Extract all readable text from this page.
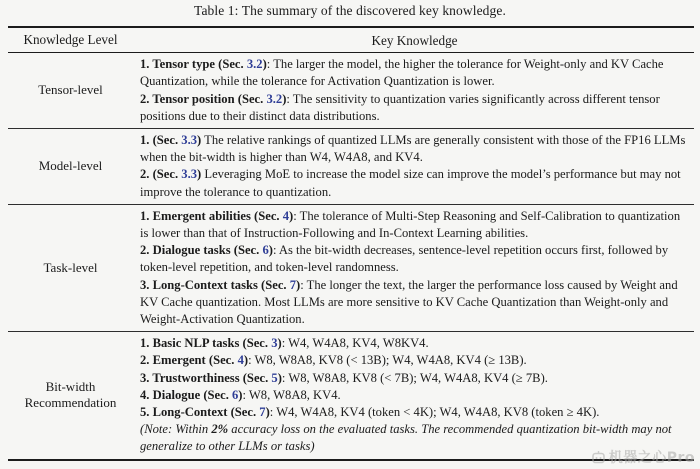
Table 1: The summary of the discovered key knowledge.
Knowledge Level	Key Knowledge
Tensor-level
1. Tensor type (Sec. 3.2): The larger the model, the higher the tolerance for Weight-only and KV Cache Quantization, while the tolerance for Activation Quantization is lower.
2. Tensor position (Sec. 3.2): The sensitivity to quantization varies significantly across different tensor positions due to their distinct data distributions.
Model-level
1. (Sec. 3.3) The relative rankings of quantized LLMs are generally consistent with those of the FP16 LLMs when the bit-width is higher than W4, W4A8, and KV4.
2. (Sec. 3.3) Leveraging MoE to increase the model size can improve the model’s performance but may not improve the tolerance to quantization.
Task-level
1. Emergent abilities (Sec. 4): The tolerance of Multi-Step Reasoning and Self-Calibration to quantization is lower than that of Instruction-Following and In-Context Learning abilities.
2. Dialogue tasks (Sec. 6): As the bit-width decreases, sentence-level repetition occurs first, followed by token-level repetition, and token-level randomness.
3. Long-Context tasks (Sec. 7): The longer the text, the larger the performance loss caused by Weight and KV Cache quantization. Most LLMs are more sensitive to KV Cache Quantization than Weight-only and Weight-Activation Quantization.
Bit-width Recommendation
1. Basic NLP tasks (Sec. 3): W4, W4A8, KV4, W8KV4.
2. Emergent (Sec. 4): W8, W8A8, KV8 (< 13B); W4, W4A8, KV4 (≥ 13B).
3. Trustworthiness (Sec. 5): W8, W8A8, KV8 (< 7B); W4, W4A8, KV4 (≥ 7B).
4. Dialogue (Sec. 6): W8, W8A8, KV4.
5. Long-Context (Sec. 7): W4, W4A8, KV4 (token < 4K); W4, W4A8, KV8 (token ≥ 4K).
(Note: Within 2% accuracy loss on the evaluated tasks. The recommended quantization bit-width may not generalize to other LLMs or tasks)
机器之心Pro
